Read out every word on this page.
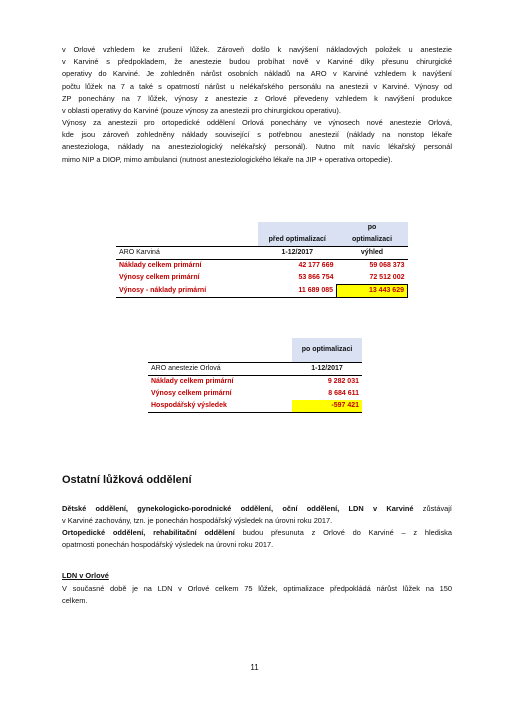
v Orlové vzhledem ke zrušení lůžek. Zároveň došlo k navýšení nákladových položek u anestezie
v Karviné s předpokladem, že anestezie budou probíhat nově v Karviné díky přesunu chirurgické
operativy do Karviné. Je zohledněn nárůst osobních nákladů na ARO v Karviné vzhledem k navýšení
počtu lůžek na 7 a také s opatrností nárůst u nelékařského personálu na anestezii v Karviné. Výnosy od
ZP ponechány na 7 lůžek, výnosy z anestezie z Orlové převedeny vzhledem k navýšení produkce
v oblasti operativy do Karviné (pouze výnosy za anestezii pro chirurgickou operativu).

Výnosy za anestezii pro ortopedické oddělení Orlová ponechány ve výnosech nové anestezie Orlová,
kde jsou zároveň zohledněny náklady související s potřebnou anestezií (náklady na nonstop lékaře
anesteziologa, náklady na anesteziologický nelékařský personál). Nutno mít navíc lékařský personál
mimo NIP a DIOP, mimo ambulanci (nutnost anesteziologického lékaře na JIP + operativa ortopedie).

		po
	před optimalizací	optimalizaci
ARO Karviná	1-12/2017	výhled
Náklady celkem primární	42 177 669	59 068 373
Výnosy celkem primární	53 866 754	72 512 002
Výnosy - náklady primární	11 689 085	13 443 629
	po optimalizaci
ARO anestezie Orlová	1-12/2017
Náklady celkem primární	9 282 031
Výnosy celkem primární	8 684 611
Hospodářský výsledek	-597 421
Ostatní lůžková oddělení

Dětské oddělení, gynekologicko-porodnické oddělení, oční oddělení, LDN v Karviné zůstávají
v Karviné zachovány, tzn. je ponechán hospodářský výsledek na úrovni roku 2017.

Ortopedické oddělení, rehabilitační oddělení budou přesunuta z Orlové do Karviné – z hlediska
opatrnosti ponechán hospodářský výsledek na úrovni roku 2017.

LDN v Orlové

V současné době je na LDN v Orlové celkem 75 lůžek, optimalizace předpokládá nárůst lůžek na 150
celkem.

11
